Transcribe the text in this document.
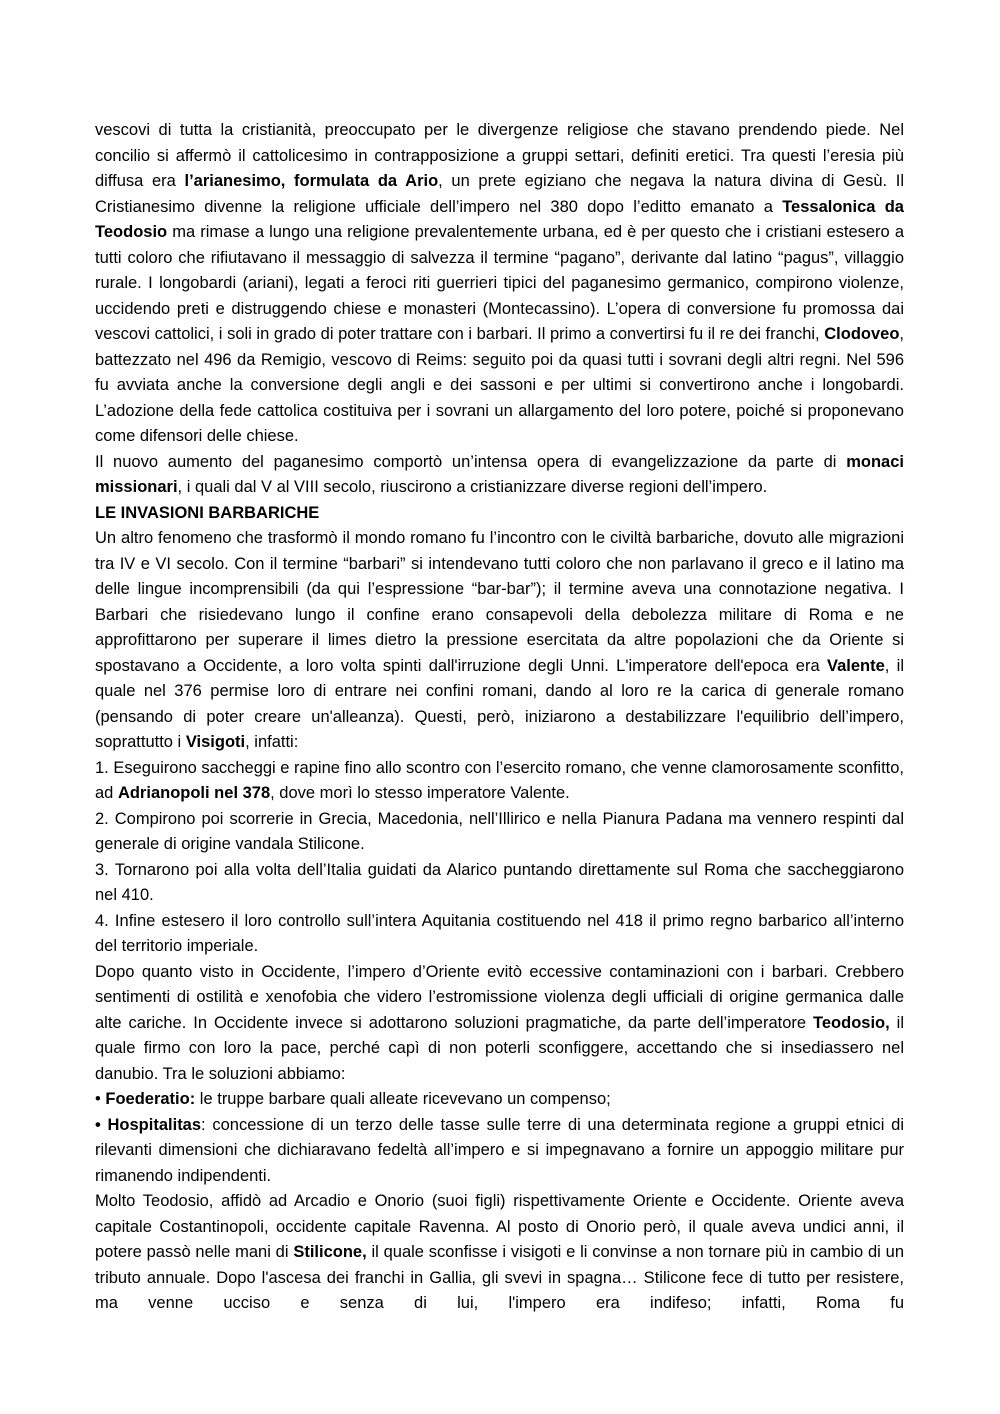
vescovi di tutta la cristianità, preoccupato per le divergenze religiose che stavano prendendo piede. Nel concilio si affermò il cattolicesimo in contrapposizione a gruppi settari, definiti eretici. Tra questi l’eresia più diffusa era l’arianesimo, formulata da Ario, un prete egiziano che negava la natura divina di Gesù. Il Cristianesimo divenne la religione ufficiale dell’impero nel 380 dopo l’editto emanato a Tessalonica da Teodosio ma rimase a lungo una religione prevalentemente urbana, ed è per questo che i cristiani estesero a tutti coloro che rifiutavano il messaggio di salvezza il termine “pagano”, derivante dal latino “pagus”, villaggio rurale. I longobardi (ariani), legati a feroci riti guerrieri tipici del paganesimo germanico, compirono violenze, uccidendo preti e distruggendo chiese e monasteri (Montecassino). L’opera di conversione fu promossa dai vescovi cattolici, i soli in grado di poter trattare con i barbari. Il primo a convertirsi fu il re dei franchi, Clodoveo, battezzato nel 496 da Remigio, vescovo di Reims: seguito poi da quasi tutti i sovrani degli altri regni. Nel 596 fu avviata anche la conversione degli angli e dei sassoni e per ultimi si convertirono anche i longobardi. L’adozione della fede cattolica costituiva per i sovrani un allargamento del loro potere, poiché si proponevano come difensori delle chiese.

Il nuovo aumento del paganesimo comportò un’intensa opera di evangelizzazione da parte di monaci missionari, i quali dal V al VIII secolo, riuscirono a cristianizzare diverse regioni dell’impero.

LE INVASIONI BARBARICHE

Un altro fenomeno che trasformò il mondo romano fu l’incontro con le civiltà barbariche, dovuto alle migrazioni tra IV e VI secolo. Con il termine “barbari” si intendevano tutti coloro che non parlavano il greco e il latino ma delle lingue incomprensibili (da qui l’espressione “bar-bar”); il termine aveva una connotazione negativa. I Barbari che risiedevano lungo il confine erano consapevoli della debolezza militare di Roma e ne approfittarono per superare il limes dietro la pressione esercitata da altre popolazioni che da Oriente si spostavano a Occidente, a loro volta spinti dall'irruzione degli Unni. L'imperatore dell'epoca era Valente, il quale nel 376 permise loro di entrare nei confini romani, dando al loro re la carica di generale romano (pensando di poter creare un'alleanza). Questi, però, iniziarono a destabilizzare l'equilibrio dell’impero, soprattutto i Visigoti, infatti:

1. Eseguirono saccheggi e rapine fino allo scontro con l’esercito romano, che venne clamorosamente sconfitto, ad Adrianopoli nel 378, dove morì lo stesso imperatore Valente.

2. Compirono poi scorrerie in Grecia, Macedonia, nell’Illirico e nella Pianura Padana ma vennero respinti dal generale di origine vandala Stilicone.

3. Tornarono poi alla volta dell’Italia guidati da Alarico puntando direttamente sul Roma che saccheggiarono nel 410.

4. Infine estesero il loro controllo sull’intera Aquitania costituendo nel 418 il primo regno barbarico all’interno del territorio imperiale.

Dopo quanto visto in Occidente, l’impero d’Oriente evitò eccessive contaminazioni con i barbari. Crebbero sentimenti di ostilità e xenofobia che videro l’estromissione violenza degli ufficiali di origine germanica dalle alte cariche. In Occidente invece si adottarono soluzioni pragmatiche, da parte dell’imperatore Teodosio, il quale firmo con loro la pace, perché capì di non poterli sconfiggere, accettando che si insediassero nel danubio. Tra le soluzioni abbiamo:

• Foederatio: le truppe barbare quali alleate ricevevano un compenso;

• Hospitalitas: concessione di un terzo delle tasse sulle terre di una determinata regione a gruppi etnici di rilevanti dimensioni che dichiaravano fedeltà all’impero e si impegnavano a fornire un appoggio militare pur rimanendo indipendenti.

Molto Teodosio, affidò ad Arcadio e Onorio (suoi figli) rispettivamente Oriente e Occidente. Oriente aveva capitale Costantinopoli, occidente capitale Ravenna. Al posto di Onorio però, il quale aveva undici anni, il potere passò nelle mani di Stilicone, il quale sconfisse i visigoti e li convinse a non tornare più in cambio di un tributo annuale. Dopo l'ascesa dei franchi in Gallia, gli svevi in spagna… Stilicone fece di tutto per resistere, ma venne ucciso e senza di lui, l'impero era indifeso; infatti, Roma fu
